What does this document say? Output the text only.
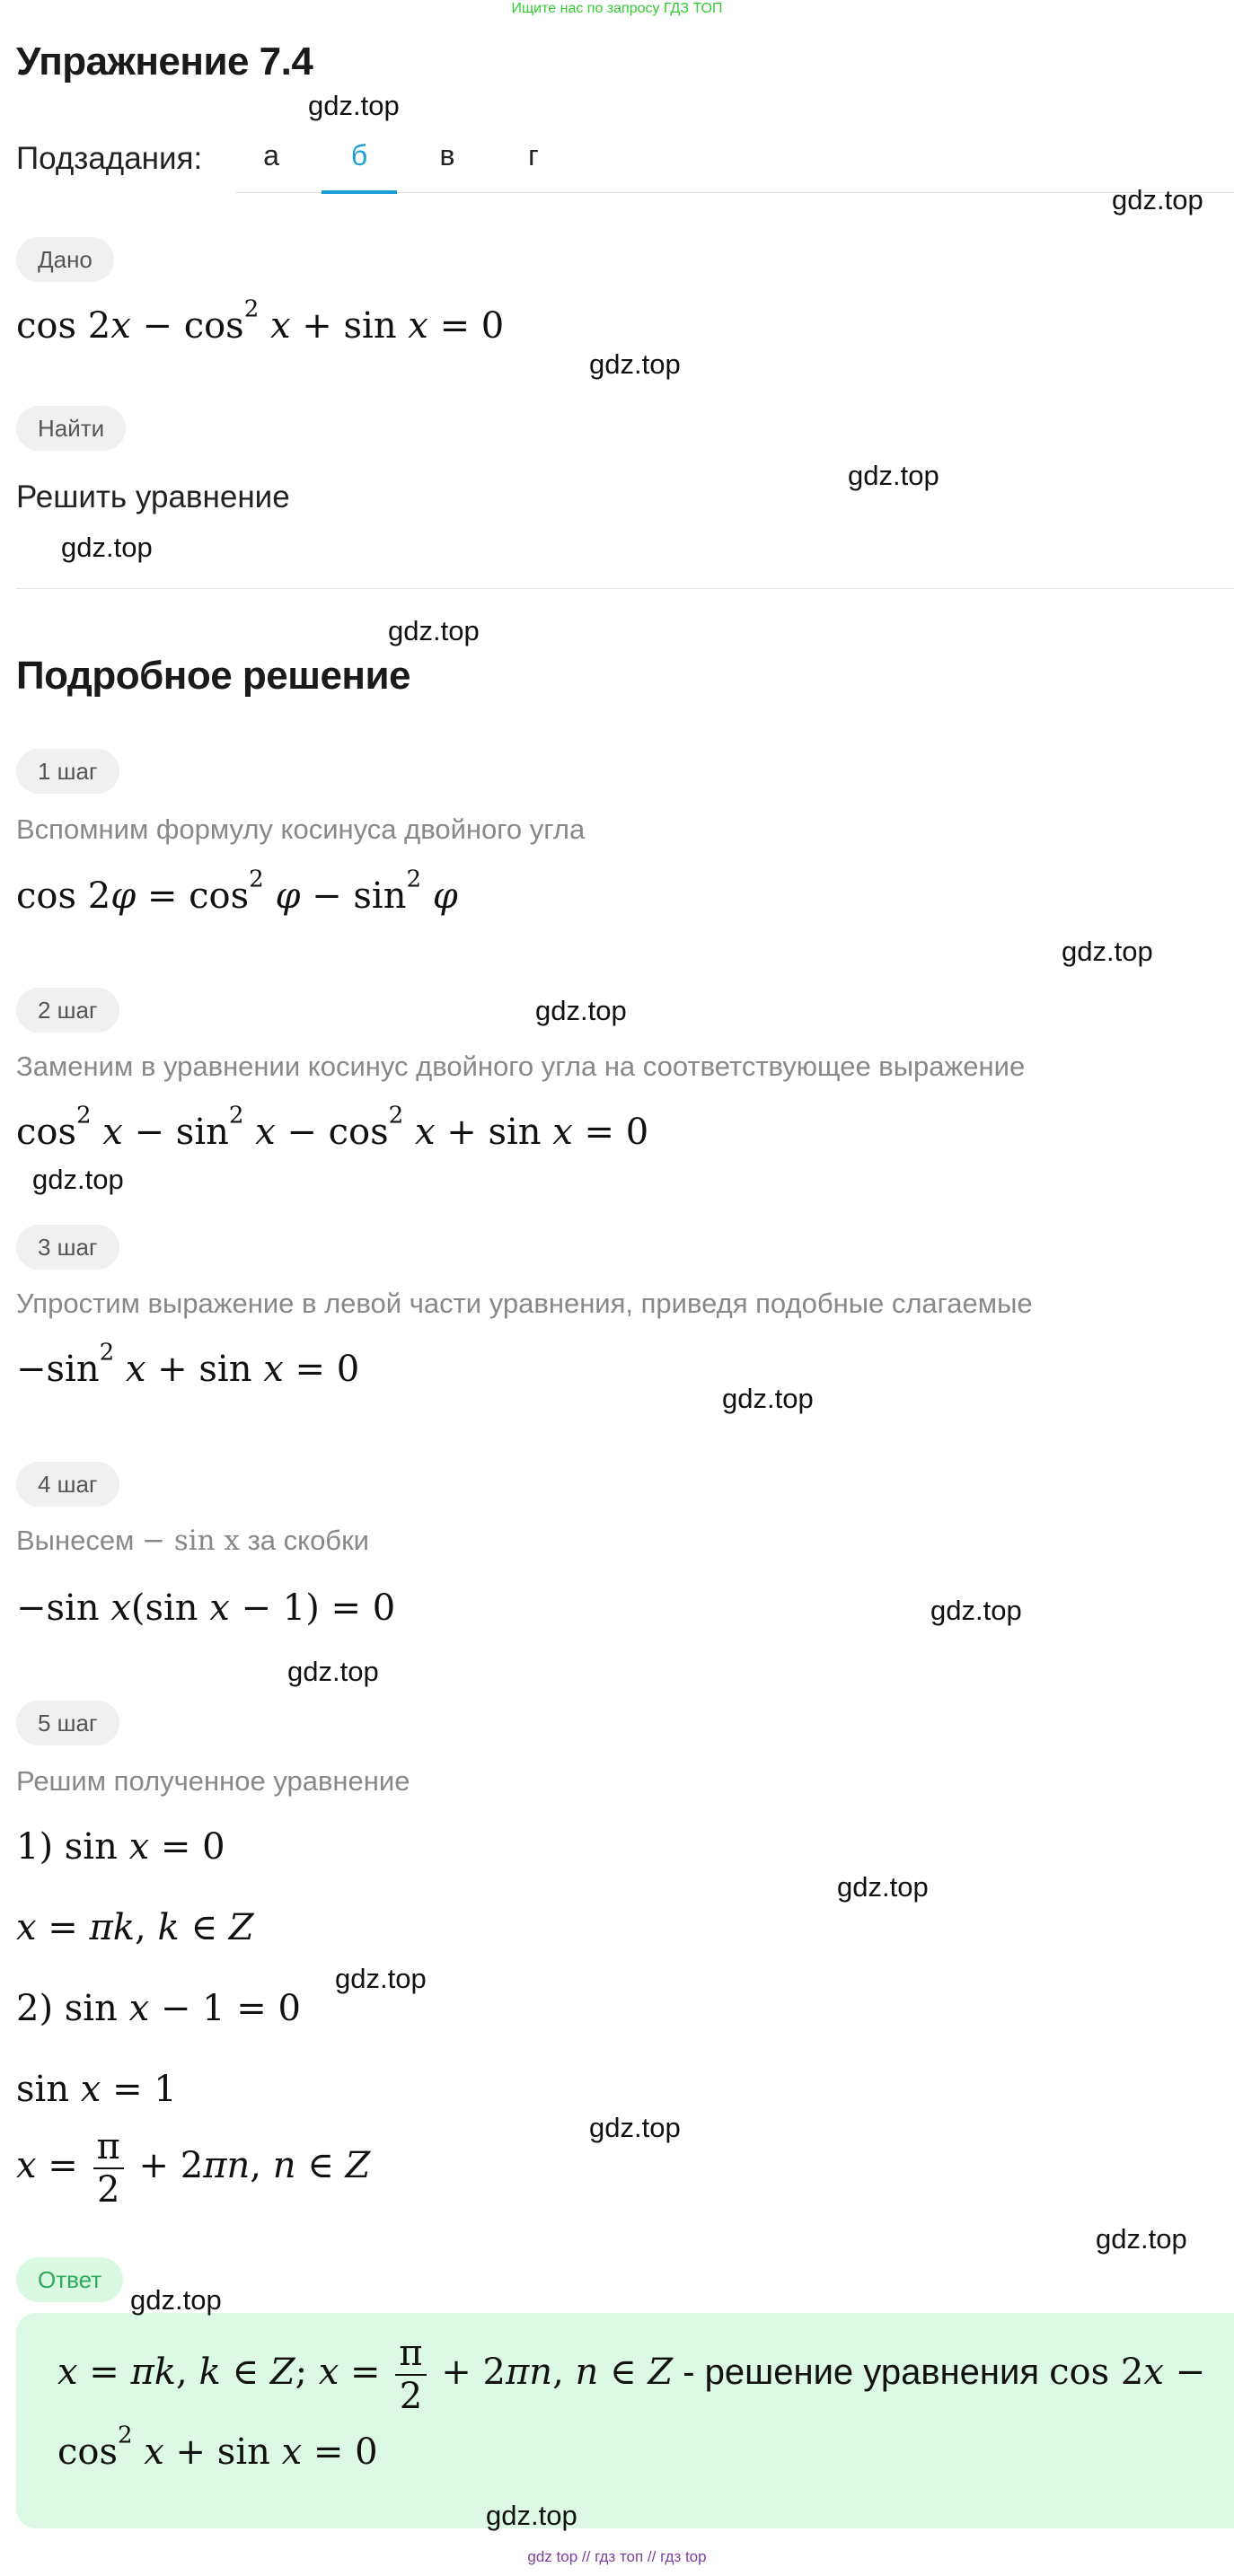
Ищите нас по запросу ГДЗ ТОП
Упражнение 7.4
Подзадания:	а	б	в	г
Дано
$\cos 2x - \cos^2 x + \sin x = 0$
Найти
Решить уравнение
Подробное решение
1 шаг
Вспомним формулу косинуса двойного угла
$\cos 2\varphi = \cos^2 \varphi - \sin^2 \varphi$
2 шаг
Заменим в уравнении косинус двойного угла на соответствующее выражение
$\cos^2 x - \sin^2 x - \cos^2 x + \sin x = 0$
3 шаг
Упростим выражение в левой части уравнения, приведя подобные слагаемые
$-\sin^2$ x + sin x = 0
4 шаг
Вынесем − sin x за скобки
−sin x(sin x − 1) = 0
5 шаг
Решим полученное уравнение
1) sin x = 0
x = πk, k ∈ Z
2) sin x − 1 = 0
sin x = 1
$x = \frac{\pi}{2} + 2\pi n$, n ∈ Z
Ответ
x = πk, k ∈ Z; $x = \frac{\pi}{2} + 2\pi n$, n ∈ Z - решение уравнения cos 2x −
$\cos^2 x + \sin x = 0$
gdz.top
gdz.top
gdz.top
gdz.top
gdz.top
gdz.top
gdz.top
gdz.top
gdz.top
gdz.top
gdz.top
gdz.top
gdz.top
gdz.top
gdz.top
gdz.top
gdz.top
gdz.top
gdz top // гдз топ // гдз top
